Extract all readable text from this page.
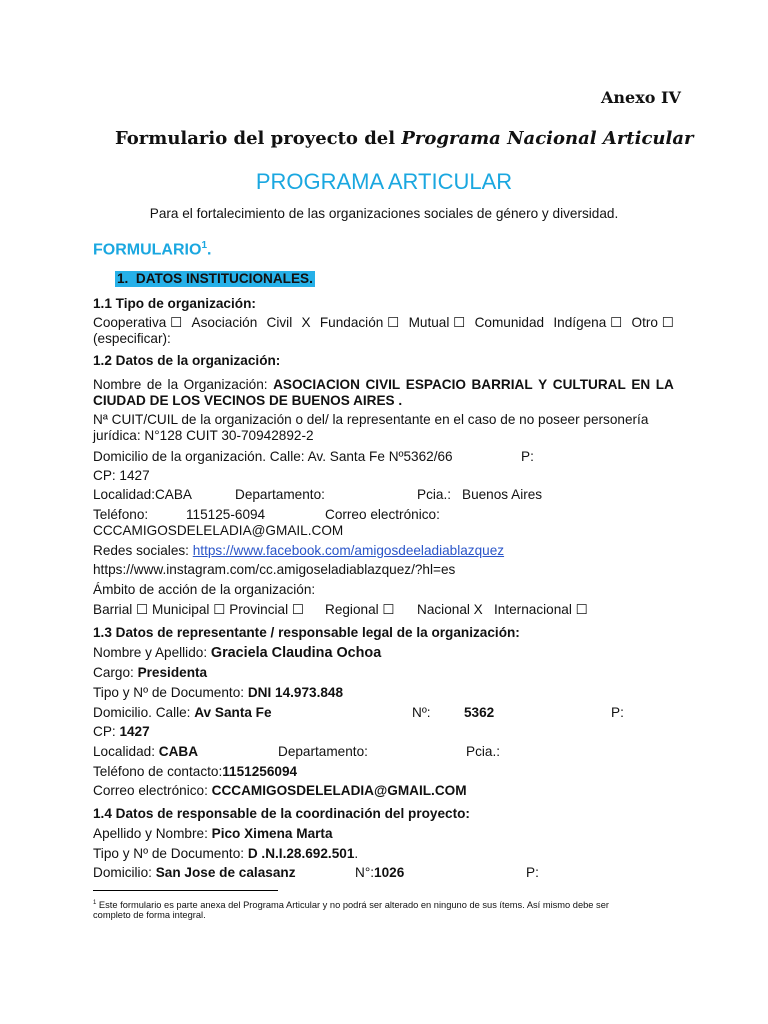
Anexo IV
Formulario del proyecto del Programa Nacional Articular
PROGRAMA ARTICULAR
Para el fortalecimiento de las organizaciones sociales de género y diversidad.
FORMULARIO$^1$.
1. DATOS INSTITUCIONALES.
1.1 Tipo de organización:
Cooperativa ☐ Asociación Civil X Fundación ☐ Mutual ☐ Comunidad Indígena ☐ Otro ☐
(especificar):
1.2 Datos de la organización:
Nombre de la Organización: ASOCIACION CIVIL ESPACIO BARRIAL Y CULTURAL EN LA
CIUDAD DE LOS VECINOS DE BUENOS AIRES .
Nª CUIT/CUIL de la organización o del/ la representante en el caso de no poseer personería
jurídica: N°128 CUIT 30-70942892-2
Domicilio de la organización. Calle: Av. Santa Fe Nº5362/66	P:
CP: 1427
Localidad:CABA	Departamento:	Pcia.: Buenos Aires
Teléfono:	115125-6094	Correo electrónico:
CCCAMIGOSDELELADIA@GMAIL.COM
Redes sociales: https://www.facebook.com/amigosdeeladiablazquez
https://www.instagram.com/cc.amigoseladiablazquez/?hl=es
Ámbito de acción de la organización:
Barrial ☐ Municipal ☐ Provincial ☐ Regional ☐ Nacional X Internacional ☐
1.3 Datos de representante / responsable legal de la organización:
Nombre y Apellido: Graciela Claudina Ochoa
Cargo: Presidenta
Tipo y Nº de Documento: DNI 14.973.848
Domicilio. Calle: Av Santa Fe	Nº: 5362	P:
CP: 1427
Localidad: CABA	Departamento:	Pcia.:
Teléfono de contacto:1151256094
Correo electrónico: CCCAMIGOSDELELADIA@GMAIL.COM
1.4 Datos de responsable de la coordinación del proyecto:
Apellido y Nombre: Pico Ximena Marta
Tipo y Nº de Documento: D .N.I.28.692.501.
Domicilio: San Jose de calasanz	N°:1026	P:
$^1$ Este formulario es parte anexa del Programa Articular y no podrá ser alterado en ninguno de sus ítems. Así mismo debe ser
completo de forma integral.
